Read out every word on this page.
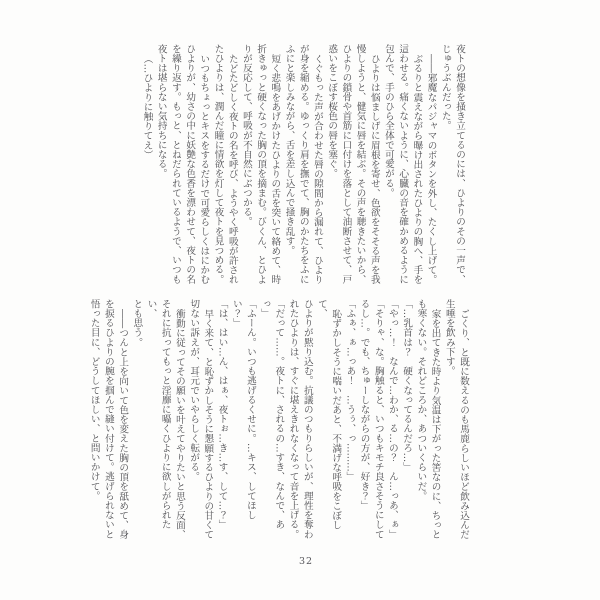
夜トの想像を掻き立てるのには、ひよりのその一声で、

じゅうぶんだった。

――邪魔なパジャマのボタンを外し、たくし上げて。

ぶるりと震えながら曝け出されたひよりの胸へ、手を

這わせる。痛くないように、心臓の音を確かめるように

包んで、手のひら全体で可愛がる。

ひよりは悩ましげに眉根を寄せ、色欲をそそる声を我

慢しようと、健気に唇を結ぶ。その声を聴きたいから、

ひよりの鎖骨や首筋に口付けを落として油断させて、戸

惑いをこぼす桜色の唇を塞ぐ。

くぐもった声が合わせた唇の隙間から漏れて、ひより

が身を縮める。ゆっくり肩を撫でて、胸のかたちをふに

ふにと楽しみながら、舌を差し込んで掻き乱す。

短く悲鳴をあげかけたひよりの舌を突いて絡めて、時

折きゅっと硬くなった胸の頂を摘まむ。びくん、とひよ

りが反応して、呼吸が不自然にぶつかる。

たどたどしく夜トの名を呼び、ようやく呼吸が許され

たひよりは、潤んだ瞳に情欲を灯して夜トを見つめる。

いつもちょっとキスをするだけで可愛らしくはにかむ

ひよりが、幼さの中に妖艶な色香を漂わせて、夜トの名

を繰り返す。もっと、とねだられているようで、いつも

夜トは堪らない気持ちになる。

（…ひよりに触りてえ）

ごくり、と既に数えるのも馬鹿らしいほど飲み込んだ

生唾を飲み下す。

家を出てきた時より気温は下がった筈なのに、ちっと

も寒くない。それどころか、あついくらいだ。

「…乳首は？　硬くなってるんだろ…」

「やっ…！　なんで…わか、る…の？　ん…っあ、ぁ」

「そりゃ、な。胸触ると、いつもキモチ良さそうにして

るし…。でも、ちゅーしながらの方が、好き？」

「ふぁ、ぁ…っあ！　…うぅ、っ………」

恥ずかしそうに喘いだあと、不満げな呼吸をこぼして、

ひよりが黙り込む。抗議のつもりらしいが、理性を奪わ

れたひよりは、すぐに堪えきれなくなって音を上げる。

「だって……。夜トに、されるの…すき、なんで、あっ」

「ふーん。いつも逃げるくせに。…キス、してほしい？」

「は、はい…ん、はぁ、夜トぉ…き…す、して…？」

早く来て、と恥ずかしそうに懇願するひよりの甘くて

切ない訴えが、耳元でいやらしく転がる。

衝動に従ってその願いを叶えてやりたいと思う反面、

それに抗ってもっと淫靡に囁くひよりに欲しがられたい、

とも思う。

――つんと上を向いて色を変えた胸の頂を舐めて、身

を捩るひよりの腕を掴んで縫い付けて。逃げられないと

悟った目に、どうしてほしい、と問いかけて。

32
